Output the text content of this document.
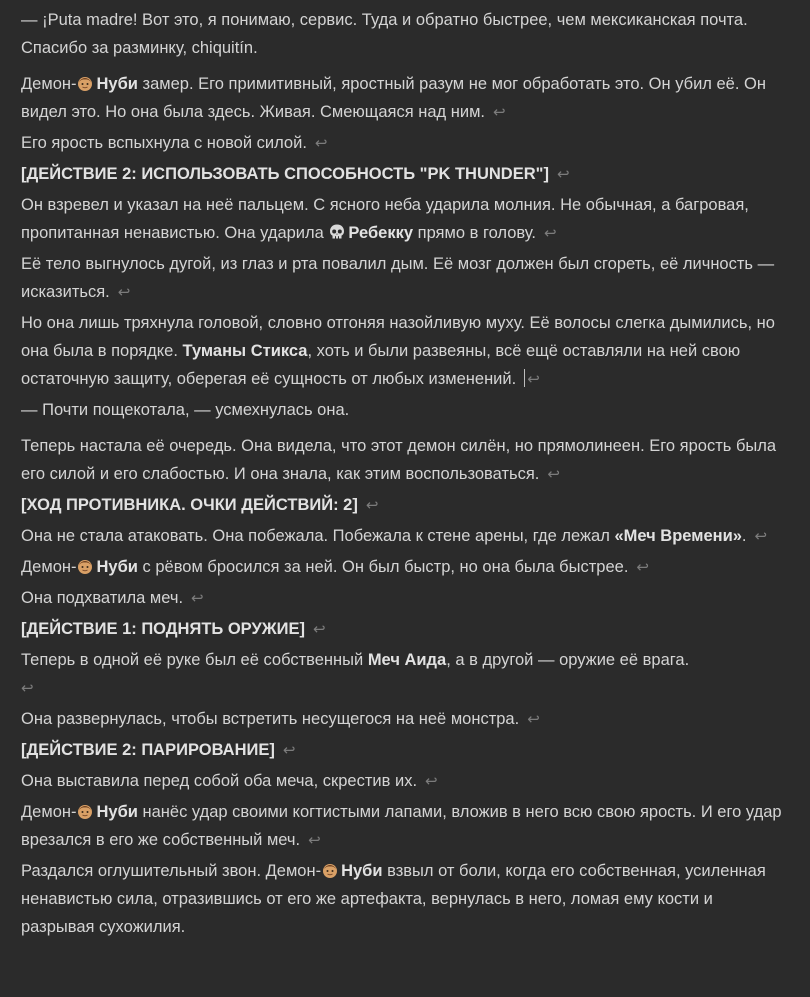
— ¡Puta madre! Вот это, я понимаю, сервис. Туда и обратно быстрее, чем мексиканская почта. Спасибо за разминку, chiquitín.

Демон- Нуби замер. Его примитивный, яростный разум не мог обработать это. Он убил её. Он видел это. Но она была здесь. Живая. Смеющаяся над ним. ↩

Его ярость вспыхнула с новой силой. ↩

[ДЕЙСТВИЕ 2: ИСПОЛЬЗОВАТЬ СПОСОБНОСТЬ "PK THUNDER"] ↩

Он взревел и указал на неё пальцем. С ясного неба ударила молния. Не обычная, а багровая, пропитанная ненавистью. Она ударила Ребекку прямо в голову. ↩

Её тело выгнулось дугой, из глаз и рта повалил дым. Её мозг должен был сгореть, её личность — исказиться. ↩

Но она лишь тряхнула головой, словно отгоняя назойливую муху. Её волосы слегка дымились, но она была в порядке. Туманы Стикса, хоть и были развеяны, всё ещё оставляли на ней свою остаточную защиту, оберегая её сущность от любых изменений. ↩

— Почти пощекотала, — усмехнулась она.

Теперь настала её очередь. Она видела, что этот демон силён, но прямолинеен. Его ярость была его силой и его слабостью. И она знала, как этим воспользоваться. ↩

[ХОД ПРОТИВНИКА. ОЧКИ ДЕЙСТВИЙ: 2] ↩

Она не стала атаковать. Она побежала. Побежала к стене арены, где лежал «Меч Времени». ↩

Демон- Нуби с рёвом бросился за ней. Он был быстр, но она была быстрее. ↩

Она подхватила меч. ↩

[ДЕЙСТВИЕ 1: ПОДНЯТЬ ОРУЖИЕ] ↩

Теперь в одной её руке был её собственный Меч Аида, а в другой — оружие её врага.
↩

Она развернулась, чтобы встретить несущегося на неё монстра. ↩

[ДЕЙСТВИЕ 2: ПАРИРОВАНИЕ] ↩

Она выставила перед собой оба меча, скрестив их. ↩

Демон- Нуби нанёс удар своими когтистыми лапами, вложив в него всю свою ярость. И его удар врезался в его же собственный меч. ↩

Раздался оглушительный звон. Демон- Нуби взвыл от боли, когда его собственная, усиленная ненавистью сила, отразившись от его же артефакта, вернулась в него, ломая ему кости и разрывая сухожилия.
